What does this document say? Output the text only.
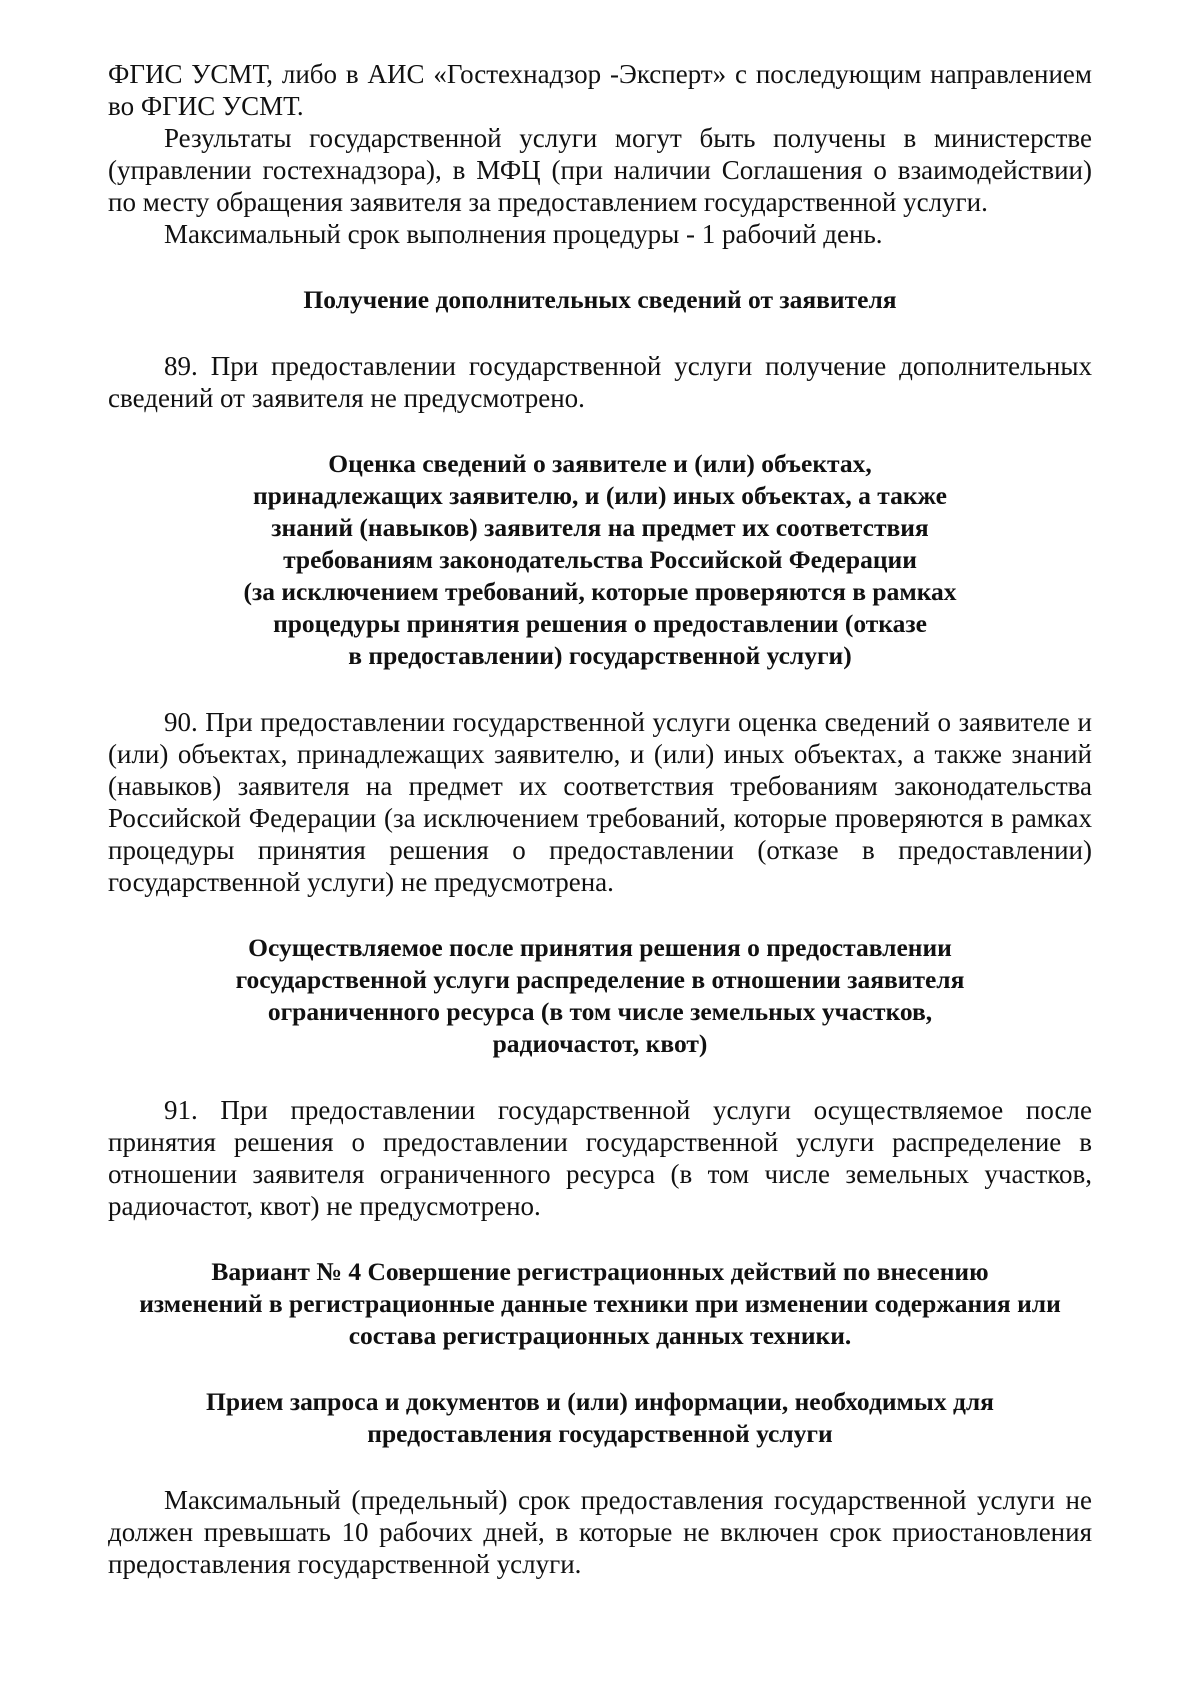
ФГИС УСМТ, либо в АИС «Гостехнадзор -Эксперт» с последующим направлением во ФГИС УСМТ.

Результаты государственной услуги могут быть получены в министерстве (управлении гостехнадзора), в МФЦ (при наличии Соглашения о взаимодействии) по месту обращения заявителя за предоставлением государственной услуги.

Максимальный срок выполнения процедуры - 1 рабочий день.

Получение дополнительных сведений от заявителя

89. При предоставлении государственной услуги получение дополнительных сведений от заявителя не предусмотрено.

Оценка сведений о заявителе и (или) объектах,
принадлежащих заявителю, и (или) иных объектах, а также
знаний (навыков) заявителя на предмет их соответствия
требованиям законодательства Российской Федерации
(за исключением требований, которые проверяются в рамках
процедуры принятия решения о предоставлении (отказе
в предоставлении) государственной услуги)

90. При предоставлении государственной услуги оценка сведений о заявителе и (или) объектах, принадлежащих заявителю, и (или) иных объектах, а также знаний (навыков) заявителя на предмет их соответствия требованиям законодательства Российской Федерации (за исключением требований, которые проверяются в рамках процедуры принятия решения о предоставлении (отказе в предоставлении) государственной услуги) не предусмотрена.

Осуществляемое после принятия решения о предоставлении
государственной услуги распределение в отношении заявителя
ограниченного ресурса (в том числе земельных участков,
радиочастот, квот)

91. При предоставлении государственной услуги осуществляемое после принятия решения о предоставлении государственной услуги распределение в отношении заявителя ограниченного ресурса (в том числе земельных участков, радиочастот, квот) не предусмотрено.

Вариант № 4 Совершение регистрационных действий по внесению
изменений в регистрационные данные техники при изменении содержания или
состава регистрационных данных техники.

Прием запроса и документов и (или) информации, необходимых для
предоставления государственной услуги

Максимальный (предельный) срок предоставления государственной услуги не должен превышать 10 рабочих дней, в которые не включен срок приостановления предоставления государственной услуги.
